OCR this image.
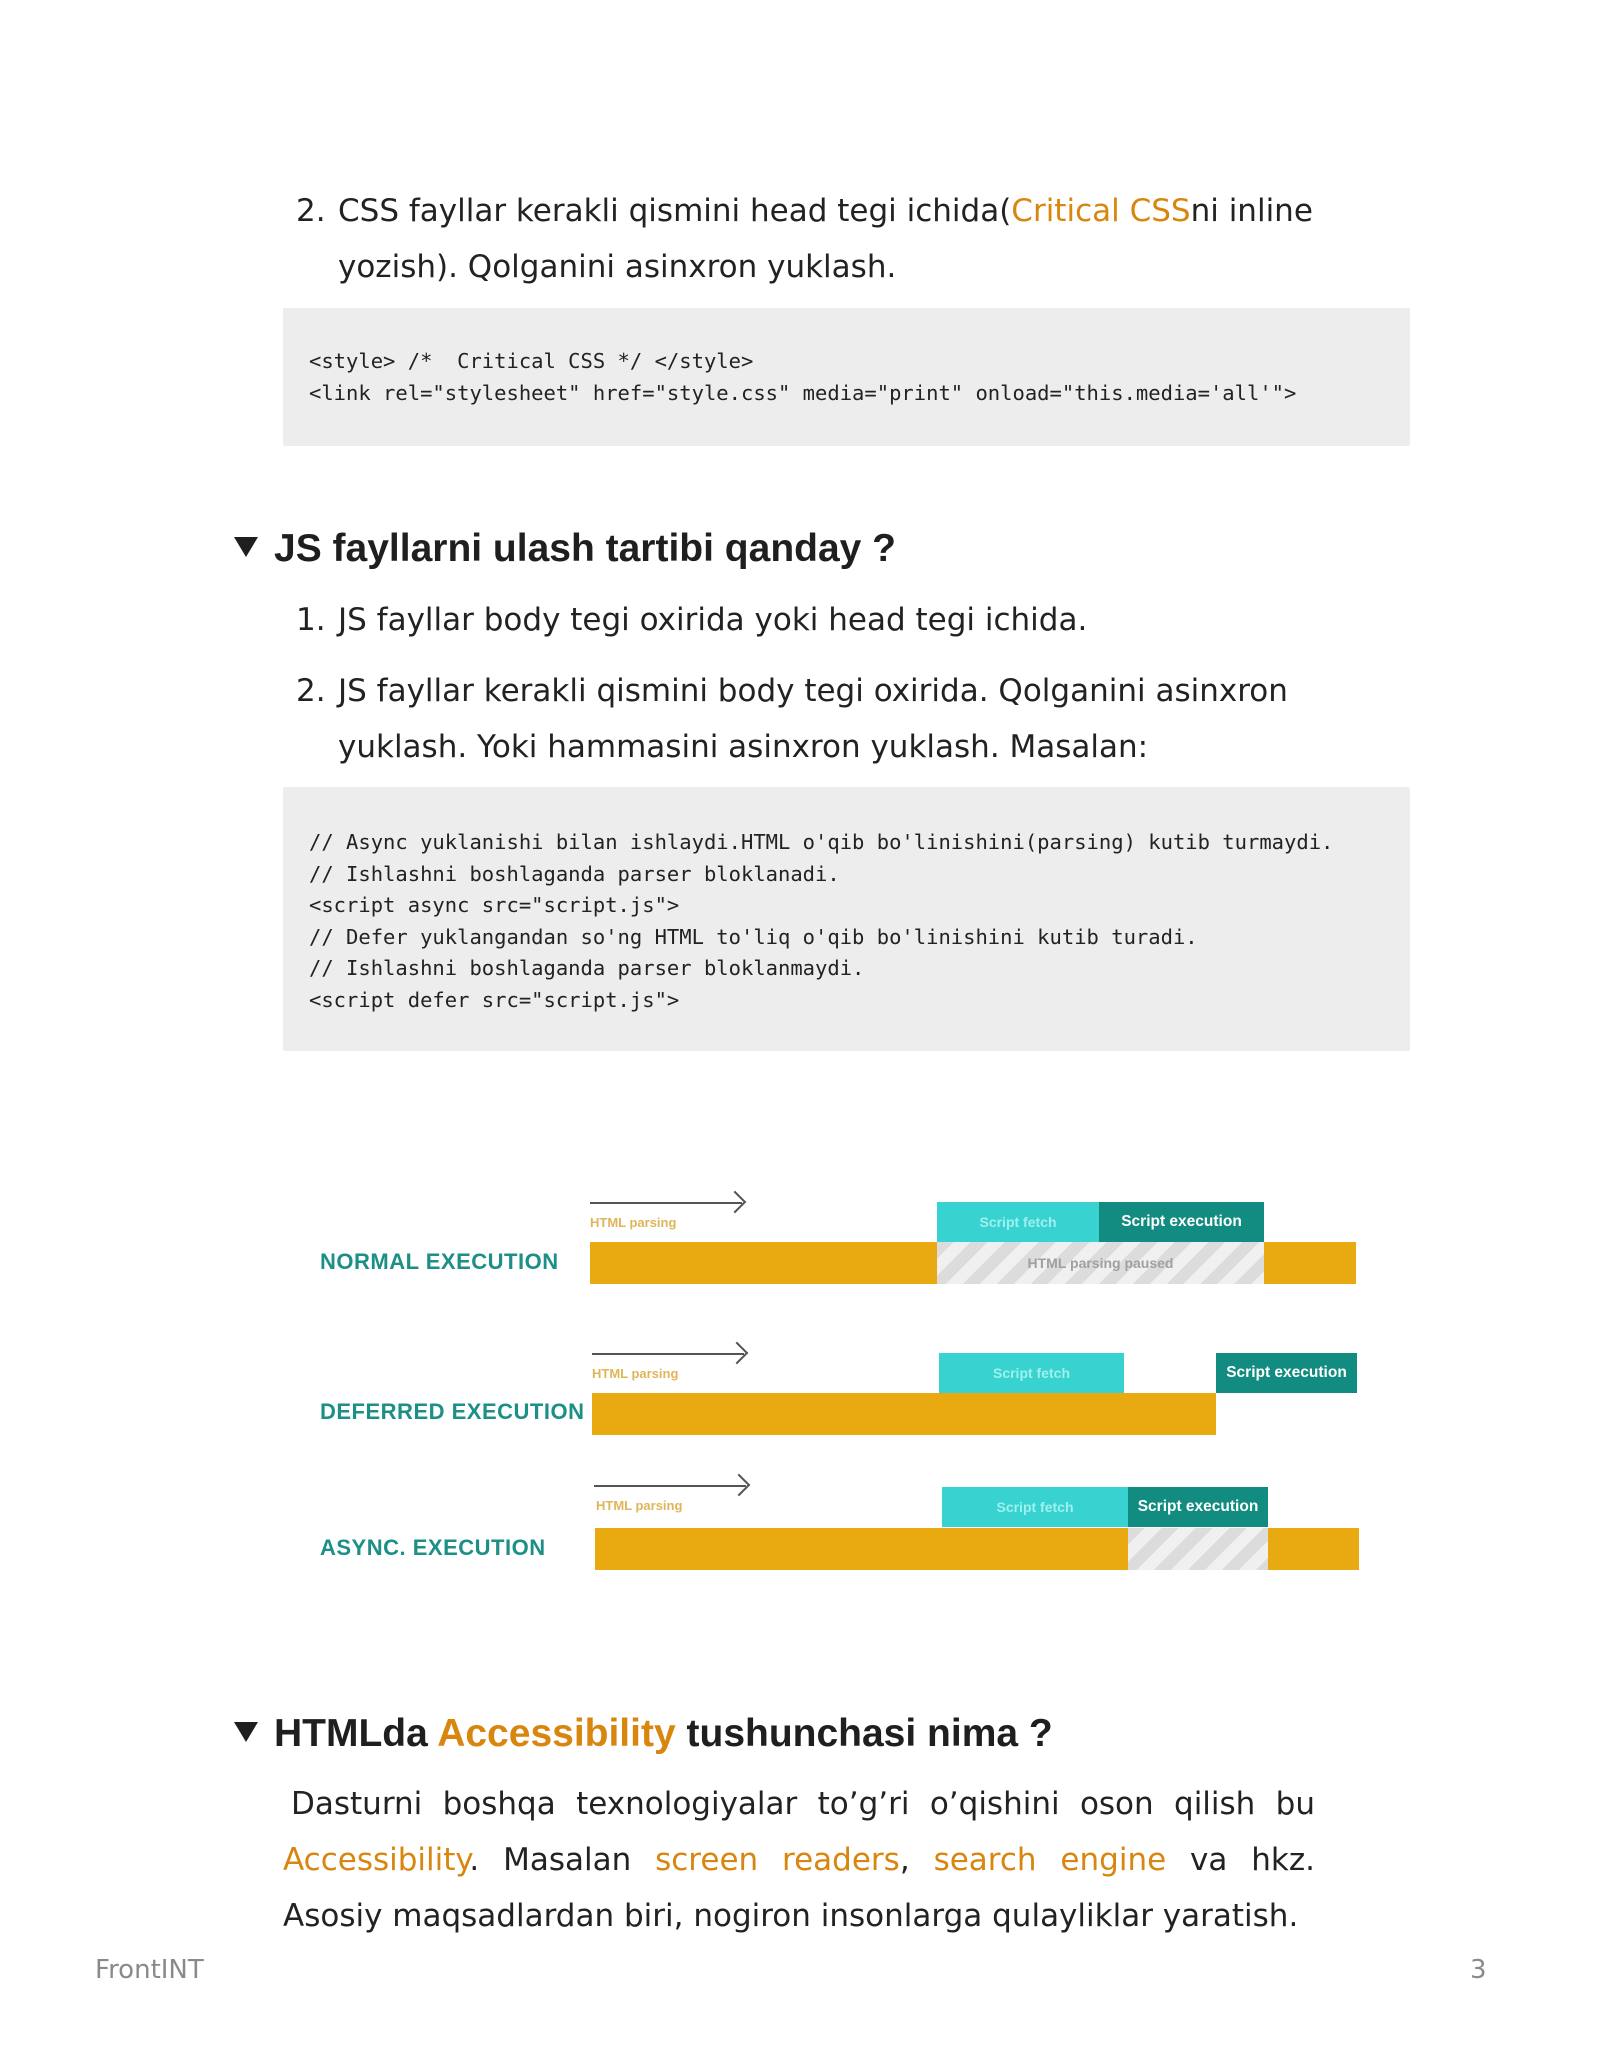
2. CSS fayllar kerakli qismini head tegi ichida(Critical CSSni inline yozish). Qolganini asinxron yuklash.
<style> /*  Critical CSS */ </style>
<link rel="stylesheet" href="style.css" media="print" onload="this.media='all'">
JS fayllarni ulash tartibi qanday ?
1. JS fayllar body tegi oxirida yoki head tegi ichida.
2. JS fayllar kerakli qismini body tegi oxirida. Qolganini asinxron yuklash. Yoki hammasini asinxron yuklash. Masalan:
// Async yuklanishi bilan ishlaydi.HTML o'qib bo'linishini(parsing) kutib turmaydi.
// Ishlashni boshlaganda parser bloklanadi.
<script async src="script.js">
// Defer yuklangandan so'ng HTML to'liq o'qib bo'linishini kutib turadi.
// Ishlashni boshlaganda parser bloklanmaydi.
<script defer src="script.js">
NORMAL EXECUTION
HTML parsing	Script fetch	Script execution
HTML parsing paused
DEFERRED EXECUTION
HTML parsing	Script fetch	Script execution
ASYNC. EXECUTION
HTML parsing	Script fetch	Script execution
HTMLda Accessibility tushunchasi nima ?
Dasturni boshqa texnologiyalar to’g’ri o’qishini oson qilish bu Accessibility. Masalan screen readers, search engine va hkz. Asosiy maqsadlardan biri, nogiron insonlarga qulayliklar yaratish.
FrontINT	3
